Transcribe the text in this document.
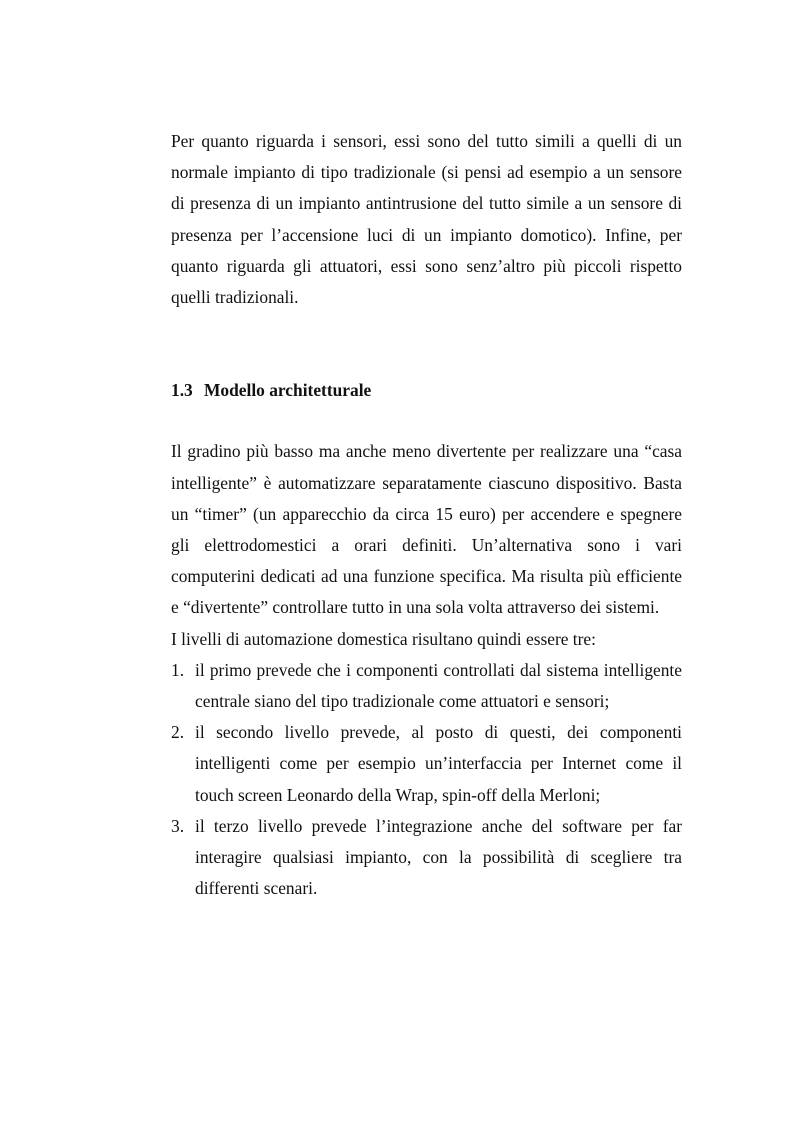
Per quanto riguarda i sensori, essi sono del tutto simili a quelli di un normale impianto di tipo tradizionale (si pensi ad esempio a un sensore di presenza di un impianto antintrusione del tutto simile a un sensore di presenza per l’accensione luci di un impianto domotico). Infine, per quanto riguarda gli attuatori, essi sono senz’altro più piccoli rispetto quelli tradizionali.

1.3 Modello architetturale

Il gradino più basso ma anche meno divertente per realizzare una “casa intelligente” è automatizzare separatamente ciascuno dispositivo. Basta un “timer” (un apparecchio da circa 15 euro) per accendere e spegnere gli elettrodomestici a orari definiti. Un’alternativa sono i vari computerini dedicati ad una funzione specifica. Ma risulta più efficiente e “divertente” controllare tutto in una sola volta attraverso dei sistemi.

I livelli di automazione domestica risultano quindi essere tre:

1. il primo prevede che i componenti controllati dal sistema intelligente centrale siano del tipo tradizionale come attuatori e sensori;
2. il secondo livello prevede, al posto di questi, dei componenti intelligenti come per esempio un’interfaccia per Internet come il touch screen Leonardo della Wrap, spin-off della Merloni;
3. il terzo livello prevede l’integrazione anche del software per far interagire qualsiasi impianto, con la possibilità di scegliere tra differenti scenari.
